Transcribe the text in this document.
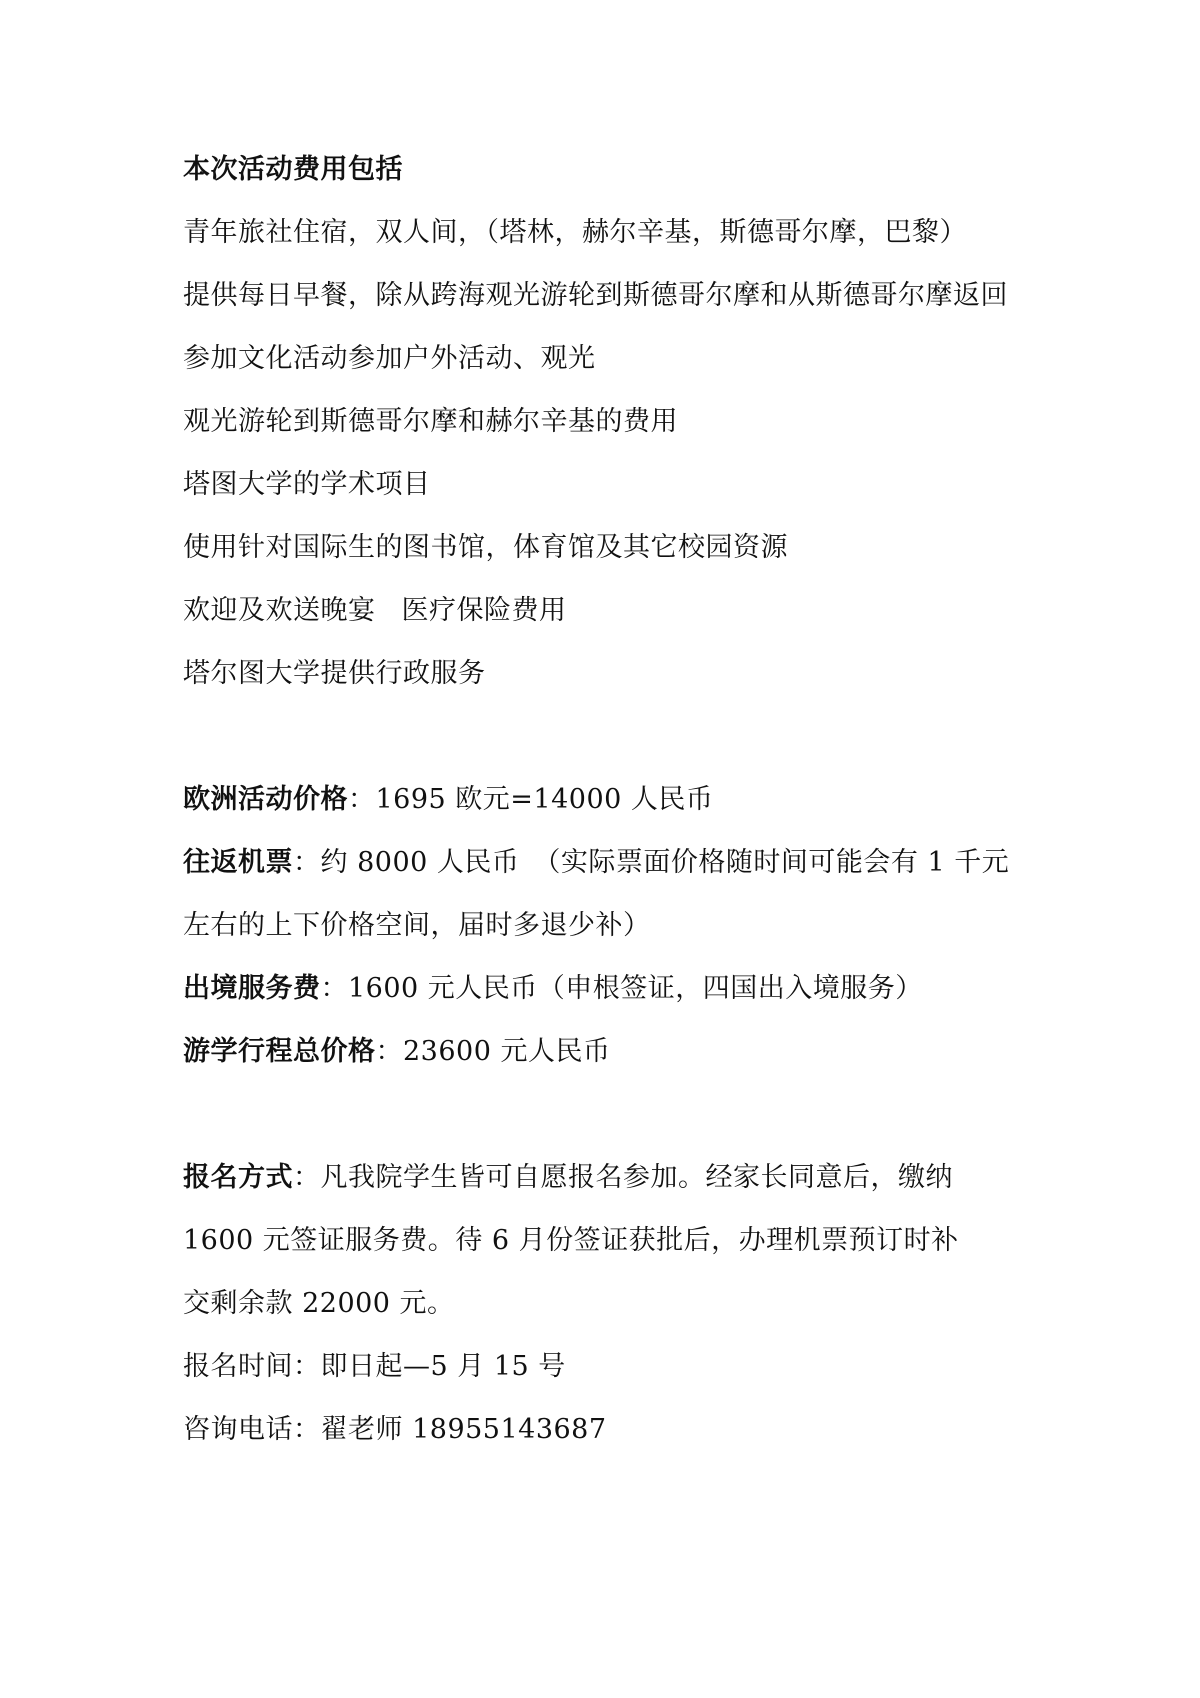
本次活动费用包括
青年旅社住宿，双人间，（塔林，赫尔辛基，斯德哥尔摩，巴黎）
提供每日早餐，除从跨海观光游轮到斯德哥尔摩和从斯德哥尔摩返回
参加文化活动参加户外活动、观光
观光游轮到斯德哥尔摩和赫尔辛基的费用
塔图大学的学术项目
使用针对国际生的图书馆，体育馆及其它校园资源
欢迎及欢送晚宴 医疗保险费用
塔尔图大学提供行政服务
欧洲活动价格：1695 欧元=14000 人民币
往返机票：约 8000 人民币　（实际票面价格随时间可能会有 1 千元
左右的上下价格空间，届时多退少补）
出境服务费：1600 元人民币（申根签证，四国出入境服务）
游学行程总价格：23600 元人民币
报名方式：凡我院学生皆可自愿报名参加。经家长同意后，缴纳
1600 元签证服务费。待 6 月份签证获批后，办理机票预订时补
交剩余款 22000 元。
报名时间：即日起—5 月 15 号
咨询电话：翟老师 18955143687
